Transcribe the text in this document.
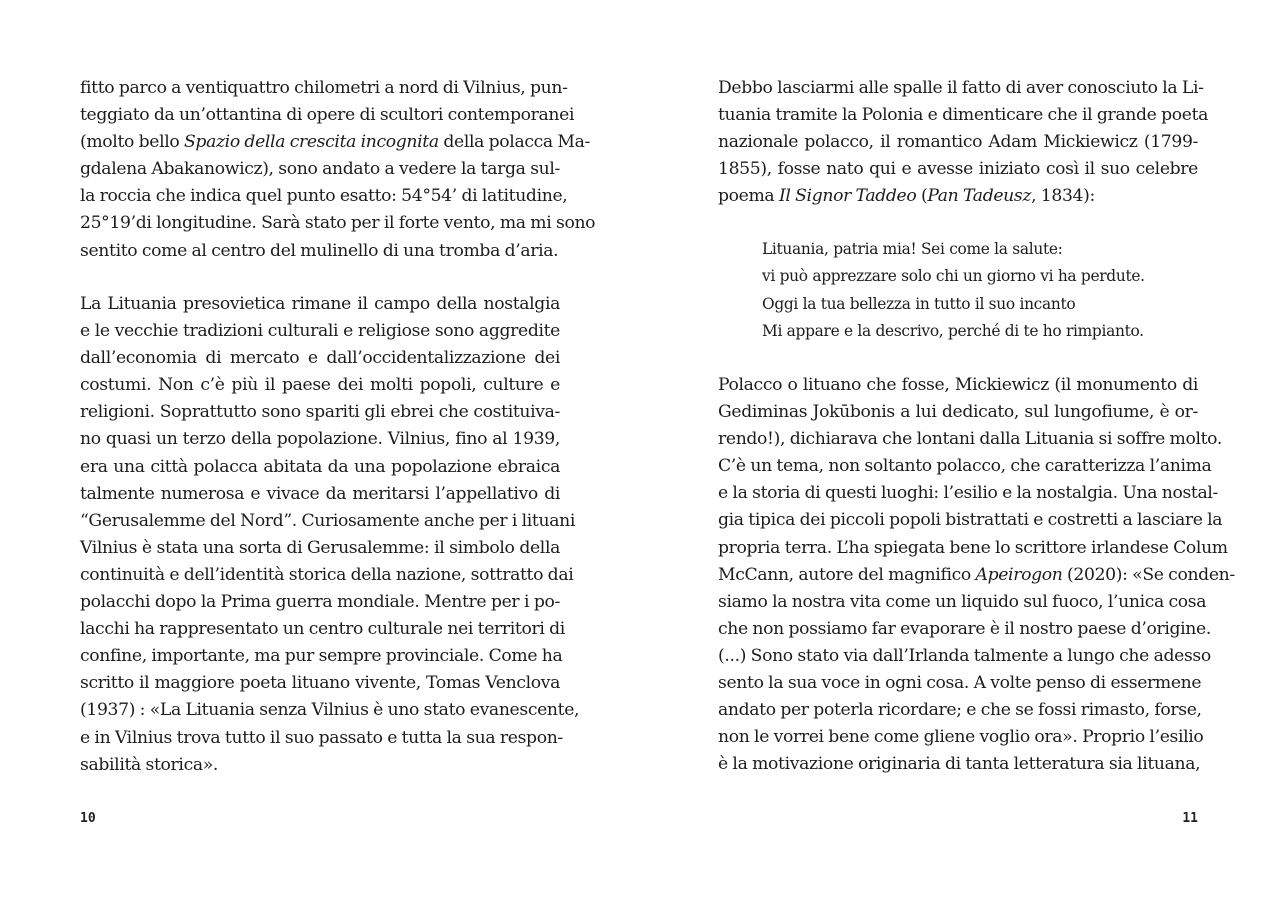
fitto parco a ventiquattro chilometri a nord di Vilnius, pun-
teggiato da un’ottantina di opere di scultori contemporanei
(molto bello Spazio della crescita incognita della polacca Ma-
gdalena Abakanowicz), sono andato a vedere la targa sul-
la roccia che indica quel punto esatto: 54°54’ di latitudine,
25°19’di longitudine. Sarà stato per il forte vento, ma mi sono
sentito come al centro del mulinello di una tromba d’aria.
La Lituania presovietica rimane il campo della nostalgia
e le vecchie tradizioni culturali e religiose sono aggredite
dall’economia di mercato e dall’occidentalizzazione dei
costumi. Non c’è più il paese dei molti popoli, culture e
religioni. Soprattutto sono spariti gli ebrei che costituiva-
no quasi un terzo della popolazione. Vilnius, fino al 1939,
era una città polacca abitata da una popolazione ebraica
talmente numerosa e vivace da meritarsi l’appellativo di
“Gerusalemme del Nord”. Curiosamente anche per i lituani
Vilnius è stata una sorta di Gerusalemme: il simbolo della
continuità e dell’identità storica della nazione, sottratto dai
polacchi dopo la Prima guerra mondiale. Mentre per i po-
lacchi ha rappresentato un centro culturale nei territori di
confine, importante, ma pur sempre provinciale. Come ha
scritto il maggiore poeta lituano vivente, Tomas Venclova
(1937) : «La Lituania senza Vilnius è uno stato evanescente,
e in Vilnius trova tutto il suo passato e tutta la sua respon-
sabilità storica».
10
Debbo lasciarmi alle spalle il fatto di aver conosciuto la Li-
tuania tramite la Polonia e dimenticare che il grande poeta
nazionale polacco, il romantico Adam Mickiewicz (1799-
1855), fosse nato qui e avesse iniziato così il suo celebre
poema Il Signor Taddeo (Pan Tadeusz, 1834):
Lituania, patria mia! Sei come la salute:
vi può apprezzare solo chi un giorno vi ha perdute.
Oggi la tua bellezza in tutto il suo incanto
Mi appare e la descrivo, perché di te ho rimpianto.
Polacco o lituano che fosse, Mickiewicz (il monumento di
Gediminas Jokūbonis a lui dedicato, sul lungofiume, è or-
rendo!), dichiarava che lontani dalla Lituania si soffre molto.
C’è un tema, non soltanto polacco, che caratterizza l’anima
e la storia di questi luoghi: l’esilio e la nostalgia. Una nostal-
gia tipica dei piccoli popoli bistrattati e costretti a lasciare la
propria terra. L’ha spiegata bene lo scrittore irlandese Colum
McCann, autore del magnifico Apeirogon (2020): «Se conden-
siamo la nostra vita come un liquido sul fuoco, l’unica cosa
che non possiamo far evaporare è il nostro paese d’origine.
(...) Sono stato via dall’Irlanda talmente a lungo che adesso
sento la sua voce in ogni cosa. A volte penso di essermene
andato per poterla ricordare; e che se fossi rimasto, forse,
non le vorrei bene come gliene voglio ora». Proprio l’esilio
è la motivazione originaria di tanta letteratura sia lituana,
11
